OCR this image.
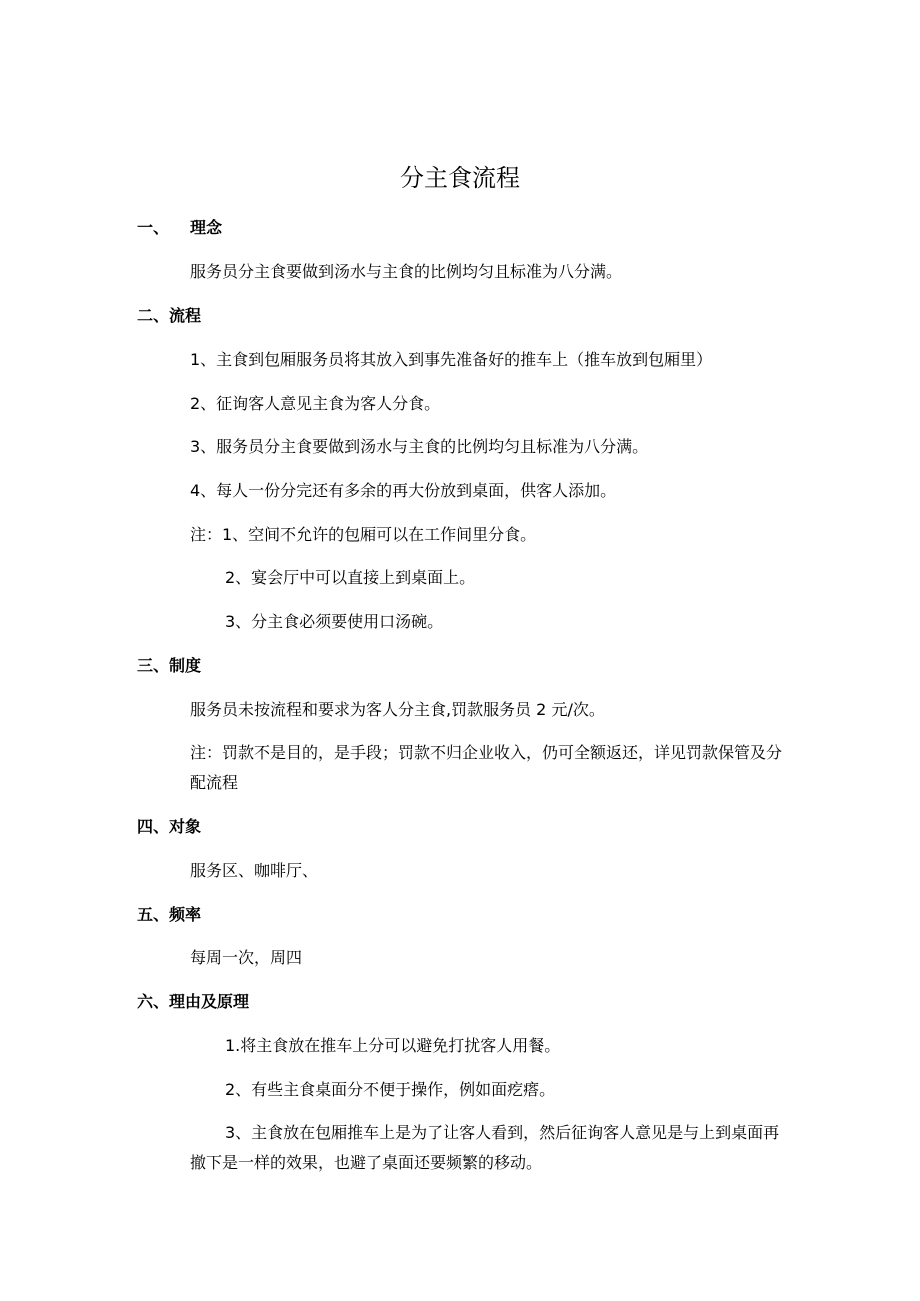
分主食流程
一、 理念
服务员分主食要做到汤水与主食的比例均匀且标准为八分满。
二、流程
1、主食到包厢服务员将其放入到事先准备好的推车上（推车放到包厢里）
2、征询客人意见主食为客人分食。
3、服务员分主食要做到汤水与主食的比例均匀且标准为八分满。
4、每人一份分完还有多余的再大份放到桌面，供客人添加。
注：1、空间不允许的包厢可以在工作间里分食。
2、宴会厅中可以直接上到桌面上。
3、分主食必须要使用口汤碗。
三、制度
服务员未按流程和要求为客人分主食,罚款服务员 2 元/次。
注：罚款不是目的，是手段；罚款不归企业收入，仍可全额返还，详见罚款保管及分配流程
四、对象
服务区、咖啡厅、
五、频率
每周一次，周四
六、理由及原理
1.将主食放在推车上分可以避免打扰客人用餐。
2、有些主食桌面分不便于操作，例如面疙瘩。
3、主食放在包厢推车上是为了让客人看到，然后征询客人意见是与上到桌面再撤下是一样的效果，也避了桌面还要频繁的移动。
